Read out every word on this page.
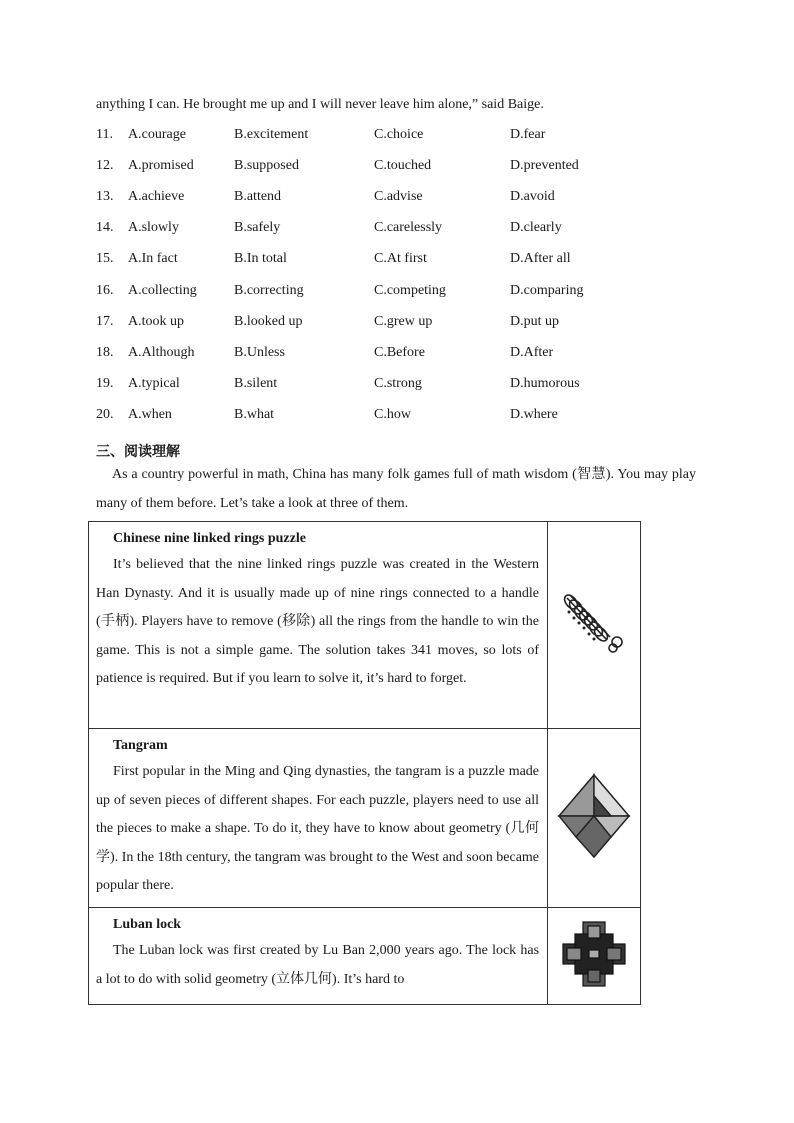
anything I can. He brought me up and I will never leave him alone,” said Baige.
11. A.courage	B.excitement	C.choice	D.fear
12. A.promised	B.supposed	C.touched	D.prevented
13. A.achieve	B.attend	C.advise	D.avoid
14. A.slowly	B.safely	C.carelessly	D.clearly
15. A.In fact	B.In total	C.At first	D.After all
16. A.collecting	B.correcting	C.competing	D.comparing
17. A.took up	B.looked up	C.grew up	D.put up
18. A.Although	B.Unless	C.Before	D.After
19. A.typical	B.silent	C.strong	D.humorous
20. A.when	B.what	C.how	D.where
三、阅读理解
As a country powerful in math, China has many folk games full of math wisdom (智慧). You may play many of them before. Let’s take a look at three of them.
Chinese nine linked rings puzzle
It’s believed that the nine linked rings puzzle was created in the Western Han Dynasty. And it is usually made up of nine rings connected to a handle (手柄). Players have to remove (移除) all the rings from the handle to win the game. This is not a simple game. The solution takes 341 moves, so lots of patience is required. But if you learn to solve it, it’s hard to forget.

Tangram
First popular in the Ming and Qing dynasties, the tangram is a puzzle made up of seven pieces of different shapes. For each puzzle, players need to use all the pieces to make a shape. To do it, they have to know about geometry (几何学). In the 18th century, the tangram was brought to the West and soon became popular there.

Luban lock
The Luban lock was first created by Lu Ban 2,000 years ago. The lock has a lot to do with solid geometry (立体几何). It’s hard to
